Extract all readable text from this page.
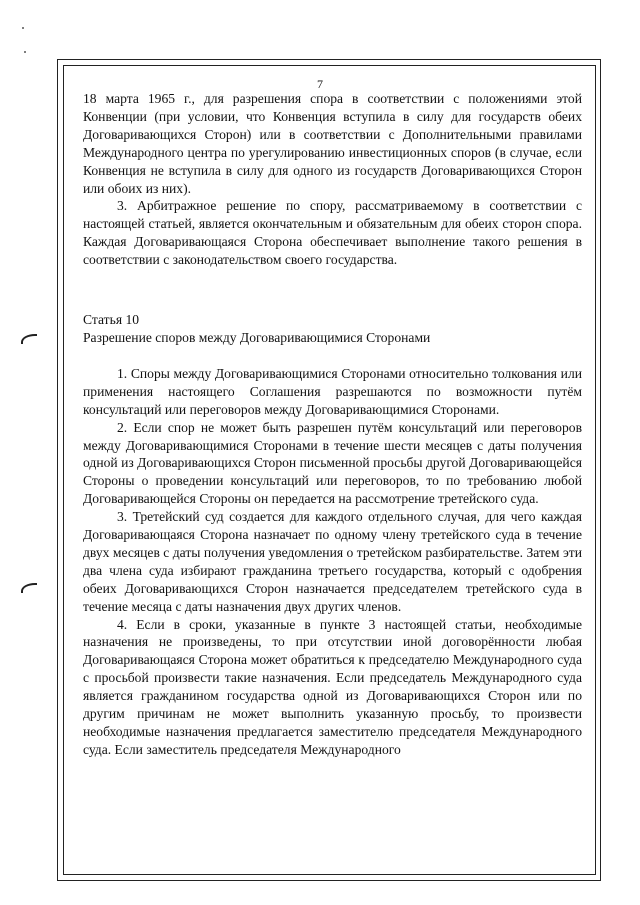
7

18 марта 1965 г., для разрешения спора в соответствии с положениями этой Конвенции (при условии, что Конвенция вступила в силу для государств обеих Договаривающихся Сторон) или в соответствии с Дополнительными правилами Международного центра по урегулированию инвестиционных споров (в случае, если Конвенция не вступила в силу для одного из государств Договаривающихся Сторон или обоих из них).

3. Арбитражное решение по спору, рассматриваемому в соответствии с настоящей статьей, является окончательным и обязательным для обеих сторон спора. Каждая Договаривающаяся Сторона обеспечивает выполнение такого решения в соответствии с законодательством своего государства.

Статья 10

Разрешение споров между Договаривающимися Сторонами

1. Споры между Договаривающимися Сторонами относительно толкования или применения настоящего Соглашения разрешаются по возможности путём консультаций или переговоров между Договаривающимися Сторонами.

2. Если спор не может быть разрешен путём консультаций или переговоров между Договаривающимися Сторонами в течение шести месяцев с даты получения одной из Договаривающихся Сторон письменной просьбы другой Договаривающейся Стороны о проведении консультаций или переговоров, то по требованию любой Договаривающейся Стороны он передается на рассмотрение третейского суда.

3. Третейский суд создается для каждого отдельного случая, для чего каждая Договаривающаяся Сторона назначает по одному члену третейского суда в течение двух месяцев с даты получения уведомления о третейском разбирательстве. Затем эти два члена суда избирают гражданина третьего государства, который с одобрения обеих Договаривающихся Сторон назначается председателем третейского суда в течение месяца с даты назначения двух других членов.

4. Если в сроки, указанные в пункте 3 настоящей статьи, необходимые назначения не произведены, то при отсутствии иной договорённости любая Договаривающаяся Сторона может обратиться к председателю Международного суда с просьбой произвести такие назначения. Если председатель Международного суда является гражданином государства одной из Договаривающихся Сторон или по другим причинам не может выполнить указанную просьбу, то произвести необходимые назначения предлагается заместителю председателя Международного суда. Если заместитель председателя Международного
